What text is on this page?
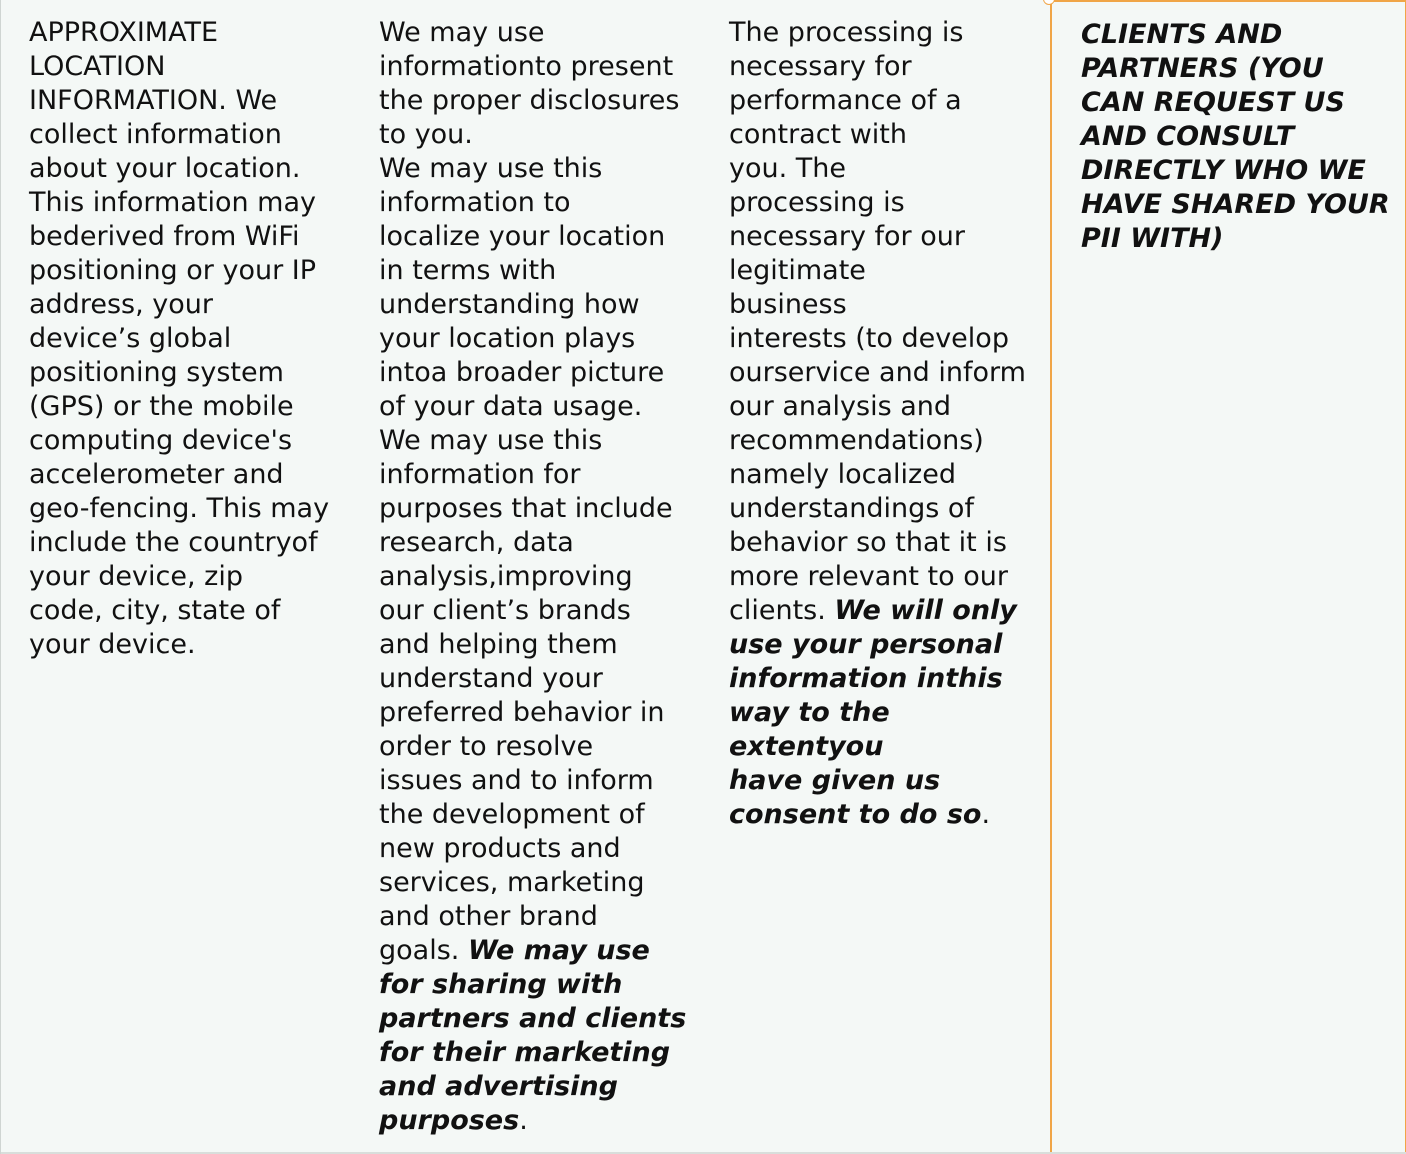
APPROXIMATE
LOCATION
INFORMATION. We
collect information
about your location.
This information may
bederived from WiFi
positioning or your IP
address, your
device’s global
positioning system
(GPS) or the mobile
computing device's
accelerometer and
geo-fencing. This may
include the countryof
your device, zip
code, city, state of
your device.
We may use
informationto present
the proper disclosures
to you.
We may use this
information to
localize your location
in terms with
understanding how
your location plays
intoa broader picture
of your data usage.
We may use this
information for
purposes that include
research, data
analysis,improving
our client’s brands
and helping them
understand your
preferred behavior in
order to resolve
issues and to inform
the development of
new products and
services, marketing
and other brand
goals. We may use
for sharing with
partners and clients
for their marketing
and advertising
purposes.
The processing is
necessary for
performance of a
contract with
you. The
processing is
necessary for our
legitimate
business
interests (to develop
ourservice and inform
our analysis and
recommendations)
namely localized
understandings of
behavior so that it is
more relevant to our
clients. We will only
use your personal
information inthis
way to the extentyou
have given us
consent to do so.
CLIENTS AND
PARTNERS (YOU
CAN REQUEST US
AND CONSULT
DIRECTLY WHO WE
HAVE SHARED YOUR
PII WITH)
